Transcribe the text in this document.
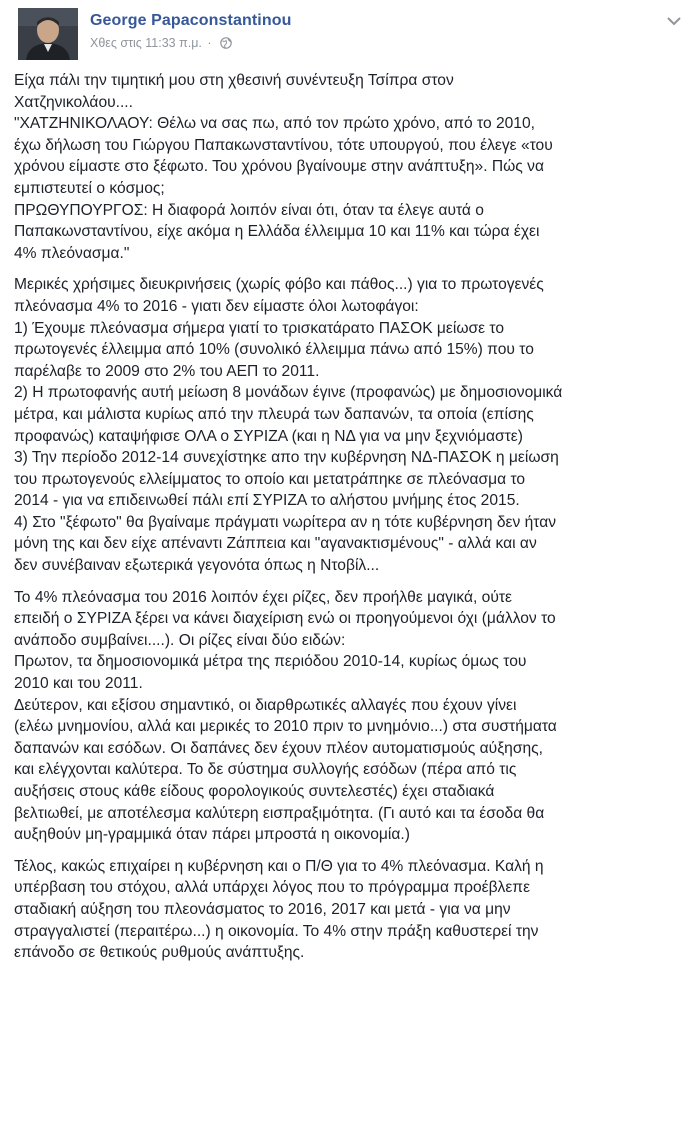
George Papaconstantinou
Χθες στις 11:33 π.μ. ·

Είχα πάλι την τιμητική μου στη χθεσινή συνέντευξη Τσίπρα στον

Χατζηνικολάου....

"ΧΑΤΖΗΝΙΚΟΛΑΟΥ: Θέλω να σας πω, από τον πρώτο χρόνο, από το 2010,

έχω δήλωση του Γιώργου Παπακωνσταντίνου, τότε υπουργού, που έλεγε «του

χρόνου είμαστε στο ξέφωτο. Του χρόνου βγαίνουμε στην ανάπτυξη». Πώς να

εμπιστευτεί ο κόσμος;

ΠΡΩΘΥΠΟΥΡΓΟΣ: Η διαφορά λοιπόν είναι ότι, όταν τα έλεγε αυτά ο

Παπακωνσταντίνου, είχε ακόμα η Ελλάδα έλλειμμα 10 και 11% και τώρα έχει

4% πλεόνασμα."

Μερικές χρήσιμες διευκρινήσεις (χωρίς φόβο και πάθος...) για το πρωτογενές

πλεόνασμα 4% το 2016 - γιατι δεν είμαστε όλοι λωτοφάγοι:

1) Έχουμε πλεόνασμα σήμερα γιατί το τρισκατάρατο ΠΑΣΟΚ μείωσε το

πρωτογενές έλλειμμα από 10% (συνολικό έλλειμμα πάνω από 15%) που το

παρέλαβε το 2009 στο 2% του ΑΕΠ το 2011.

2) Η πρωτοφανής αυτή μείωση 8 μονάδων έγινε (προφανώς) με δημοσιονομικά

μέτρα, και μάλιστα κυρίως από την πλευρά των δαπανών, τα οποία (επίσης

προφανώς) καταψήφισε ΟΛΑ ο ΣΥΡΙΖΑ (και η ΝΔ για να μην ξεχνιόμαστε)

3) Την περίοδο 2012-14 συνεχίστηκε απο την κυβέρνηση ΝΔ-ΠΑΣΟΚ η μείωση

του πρωτογενούς ελλείμματος το οποίο και μετατράπηκε σε πλεόνασμα το

2014 - για να επιδεινωθεί πάλι επί ΣΥΡΙΖΑ το αλήστου μνήμης έτος 2015.

4) Στο "ξέφωτο" θα βγαίναμε πράγματι νωρίτερα αν η τότε κυβέρνηση δεν ήταν

μόνη της και δεν είχε απέναντι Ζάππεια και "αγανακτισμένους" - αλλά και αν

δεν συνέβαιναν εξωτερικά γεγονότα όπως η Ντοβίλ...

Το 4% πλεόνασμα του 2016 λοιπόν έχει ρίζες, δεν προήλθε μαγικά, ούτε

επειδή ο ΣΥΡΙΖΑ ξέρει να κάνει διαχείριση ενώ οι προηγούμενοι όχι (μάλλον το

ανάποδο συμβαίνει....). Οι ρίζες είναι δύο ειδών:

Πρωτον, τα δημοσιονομικά μέτρα της περιόδου 2010-14, κυρίως όμως του

2010 και του 2011.

Δεύτερον, και εξίσου σημαντικό, οι διαρθρωτικές αλλαγές που έχουν γίνει

(ελέω μνημονίου, αλλά και μερικές το 2010 πριν το μνημόνιο...) στα συστήματα

δαπανών και εσόδων. Οι δαπάνες δεν έχουν πλέον αυτοματισμούς αύξησης,

και ελέγχονται καλύτερα. Το δε σύστημα συλλογής εσόδων (πέρα από τις

αυξήσεις στους κάθε είδους φορολογικούς συντελεστές) έχει σταδιακά

βελτιωθεί, με αποτέλεσμα καλύτερη εισπραξιμότητα. (Γι αυτό και τα έσοδα θα

αυξηθούν μη-γραμμικά όταν πάρει μπροστά η οικονομία.)

Τέλος, κακώς επιχαίρει η κυβέρνηση και ο Π/Θ για το 4% πλεόνασμα. Καλή η

υπέρβαση του στόχου, αλλά υπάρχει λόγος που το πρόγραμμα προέβλεπε

σταδιακή αύξηση του πλεονάσματος το 2016, 2017 και μετά - για να μην

στραγγαλιστεί (περαιτέρω...) η οικονομία. Το 4% στην πράξη καθυστερεί την

επάνοδο σε θετικούς ρυθμούς ανάπτυξης.
